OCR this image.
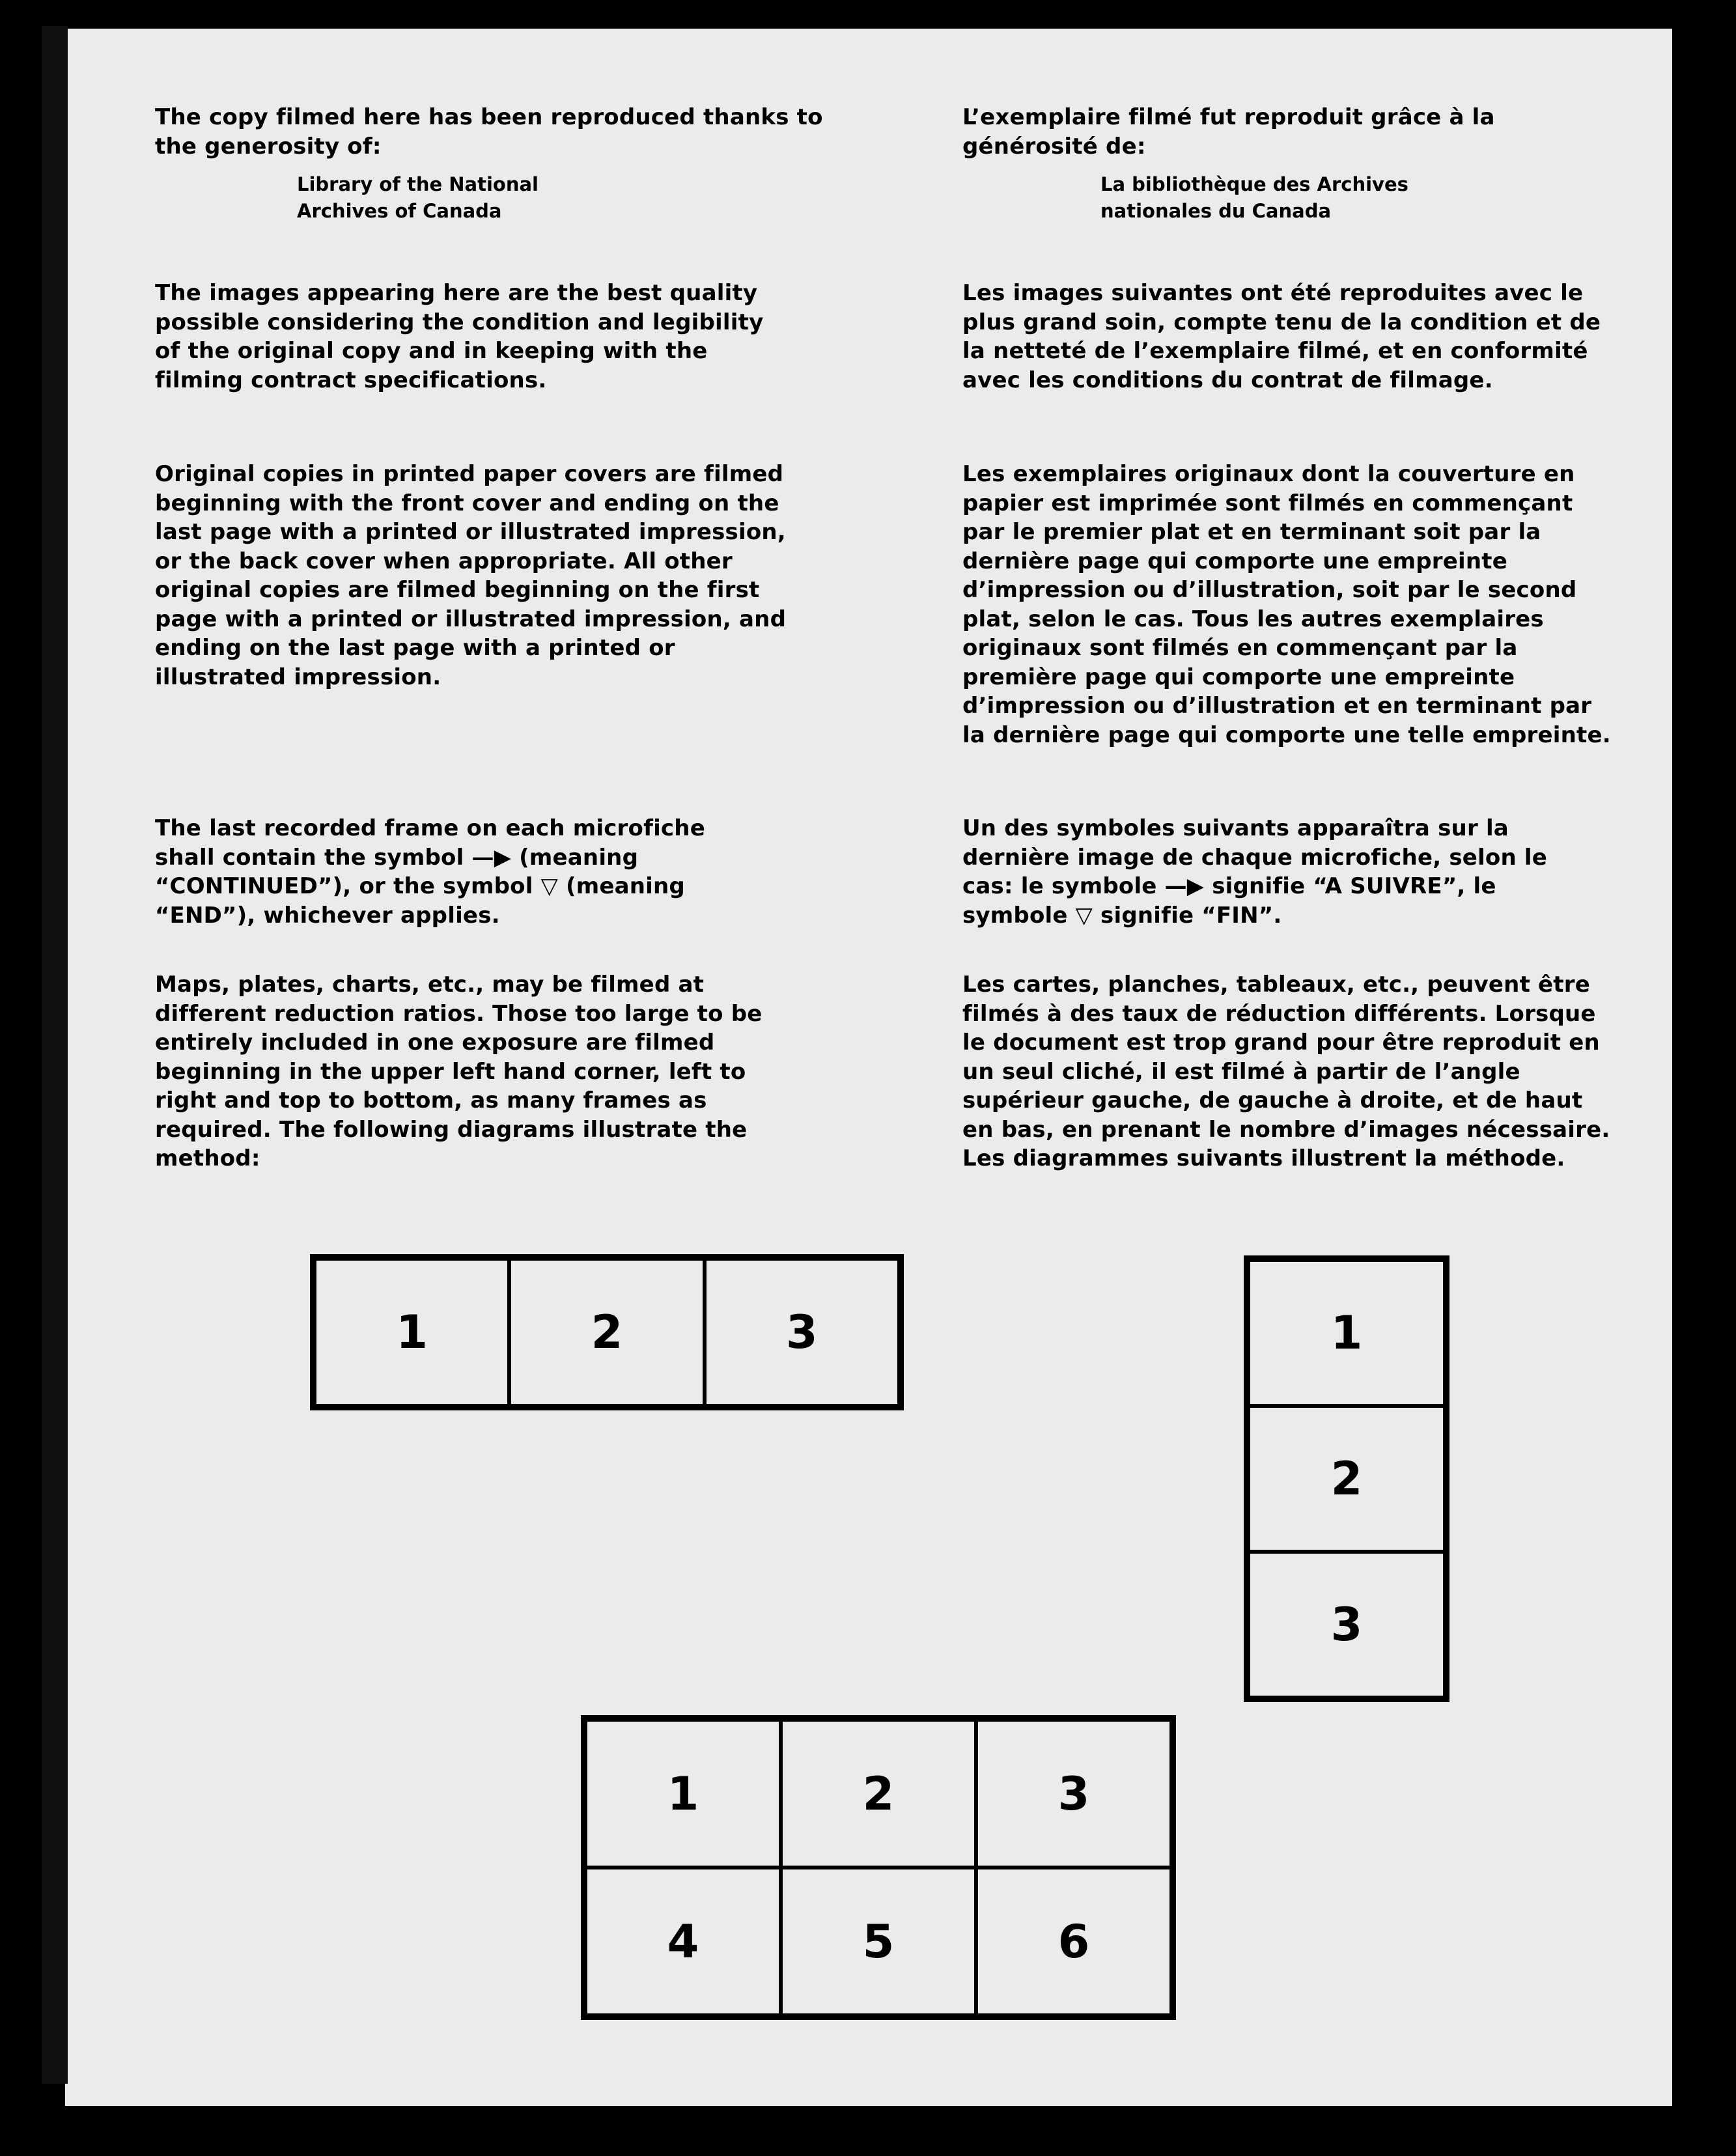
The copy filmed here has been reproduced thanks to the generosity of:

Library of the National
Archives of Canada

The images appearing here are the best quality possible considering the condition and legibility of the original copy and in keeping with the filming contract specifications.

Original copies in printed paper covers are filmed beginning with the front cover and ending on the last page with a printed or illustrated impression, or the back cover when appropriate. All other original copies are filmed beginning on the first page with a printed or illustrated impression, and ending on the last page with a printed or illustrated impression.

The last recorded frame on each microfiche shall contain the symbol —▶ (meaning “CONTINUED”), or the symbol ▽ (meaning “END”), whichever applies.

Maps, plates, charts, etc., may be filmed at different reduction ratios. Those too large to be entirely included in one exposure are filmed beginning in the upper left hand corner, left to right and top to bottom, as many frames as required. The following diagrams illustrate the method:

L’exemplaire filmé fut reproduit grâce à la générosité de:

La bibliothèque des Archives
nationales du Canada

Les images suivantes ont été reproduites avec le plus grand soin, compte tenu de la condition et de la netteté de l’exemplaire filmé, et en conformité avec les conditions du contrat de filmage.

Les exemplaires originaux dont la couverture en papier est imprimée sont filmés en commençant par le premier plat et en terminant soit par la dernière page qui comporte une empreinte d’impression ou d’illustration, soit par le second plat, selon le cas. Tous les autres exemplaires originaux sont filmés en commençant par la première page qui comporte une empreinte d’impression ou d’illustration et en terminant par la dernière page qui comporte une telle empreinte.

Un des symboles suivants apparaîtra sur la dernière image de chaque microfiche, selon le cas: le symbole —▶ signifie “A SUIVRE”, le symbole ▽ signifie “FIN”.

Les cartes, planches, tableaux, etc., peuvent être filmés à des taux de réduction différents. Lorsque le document est trop grand pour être reproduit en un seul cliché, il est filmé à partir de l’angle supérieur gauche, de gauche à droite, et de haut en bas, en prenant le nombre d’images nécessaire. Les diagrammes suivants illustrent la méthode.

1	2	3	1
2
3
1	2	3
4	5	6
